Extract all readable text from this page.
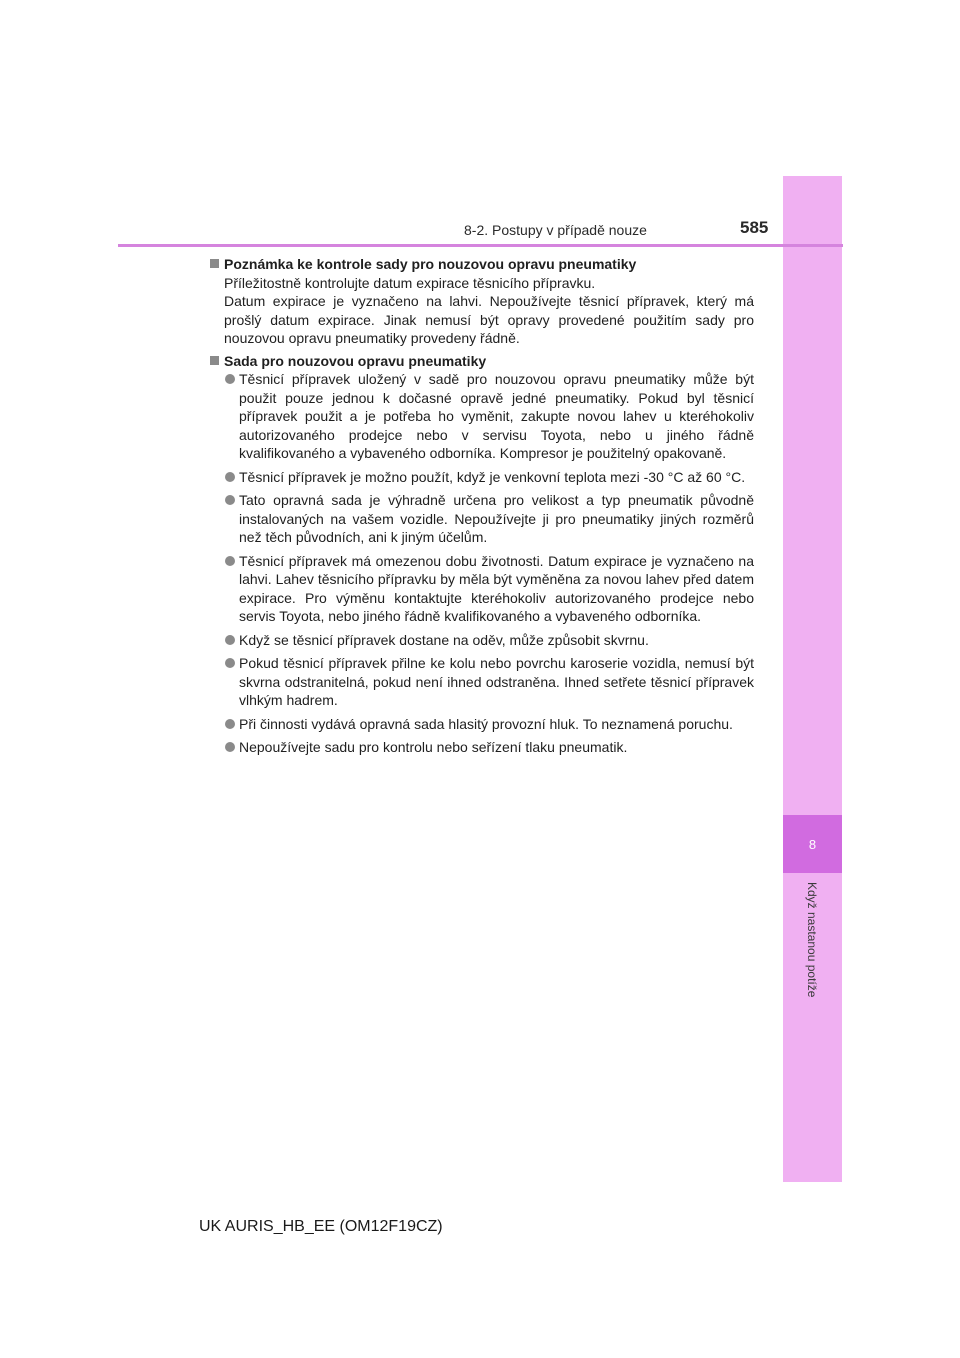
8
Když nastanou potíže
8-2. Postupy v případě nouze	585
Poznámka ke kontrole sady pro nouzovou opravu pneumatiky
Příležitostně kontrolujte datum expirace těsnicího přípravku.
Datum expirace je vyznačeno na lahvi. Nepoužívejte těsnicí přípravek, který má prošlý datum expirace. Jinak nemusí být opravy provedené použitím sady pro nouzovou opravu pneumatiky provedeny řádně.
Sada pro nouzovou opravu pneumatiky
Těsnicí přípravek uložený v sadě pro nouzovou opravu pneumatiky může být použit pouze jednou k dočasné opravě jedné pneumatiky. Pokud byl těsnicí přípravek použit a je potřeba ho vyměnit, zakupte novou lahev u kteréhokoliv autorizovaného prodejce nebo v servisu Toyota, nebo u jiného řádně kvalifikovaného a vybaveného odborníka. Kompresor je použitelný opakovaně.
Těsnicí přípravek je možno použít, když je venkovní teplota mezi -30 °C až 60 °C.
Tato opravná sada je výhradně určena pro velikost a typ pneumatik původně instalovaných na vašem vozidle. Nepoužívejte ji pro pneumatiky jiných rozměrů než těch původních, ani k jiným účelům.
Těsnicí přípravek má omezenou dobu životnosti. Datum expirace je vyznačeno na lahvi. Lahev těsnicího přípravku by měla být vyměněna za novou lahev před datem expirace. Pro výměnu kontaktujte kteréhokoliv autorizovaného prodejce nebo servis Toyota, nebo jiného řádně kvalifikovaného a vybaveného odborníka.
Když se těsnicí přípravek dostane na oděv, může způsobit skvrnu.
Pokud těsnicí přípravek přilne ke kolu nebo povrchu karoserie vozidla, nemusí být skvrna odstranitelná, pokud není ihned odstraněna. Ihned setřete těsnicí přípravek vlhkým hadrem.
Při činnosti vydává opravná sada hlasitý provozní hluk. To neznamená poruchu.
Nepoužívejte sadu pro kontrolu nebo seřízení tlaku pneumatik.
UK AURIS_HB_EE (OM12F19CZ)
